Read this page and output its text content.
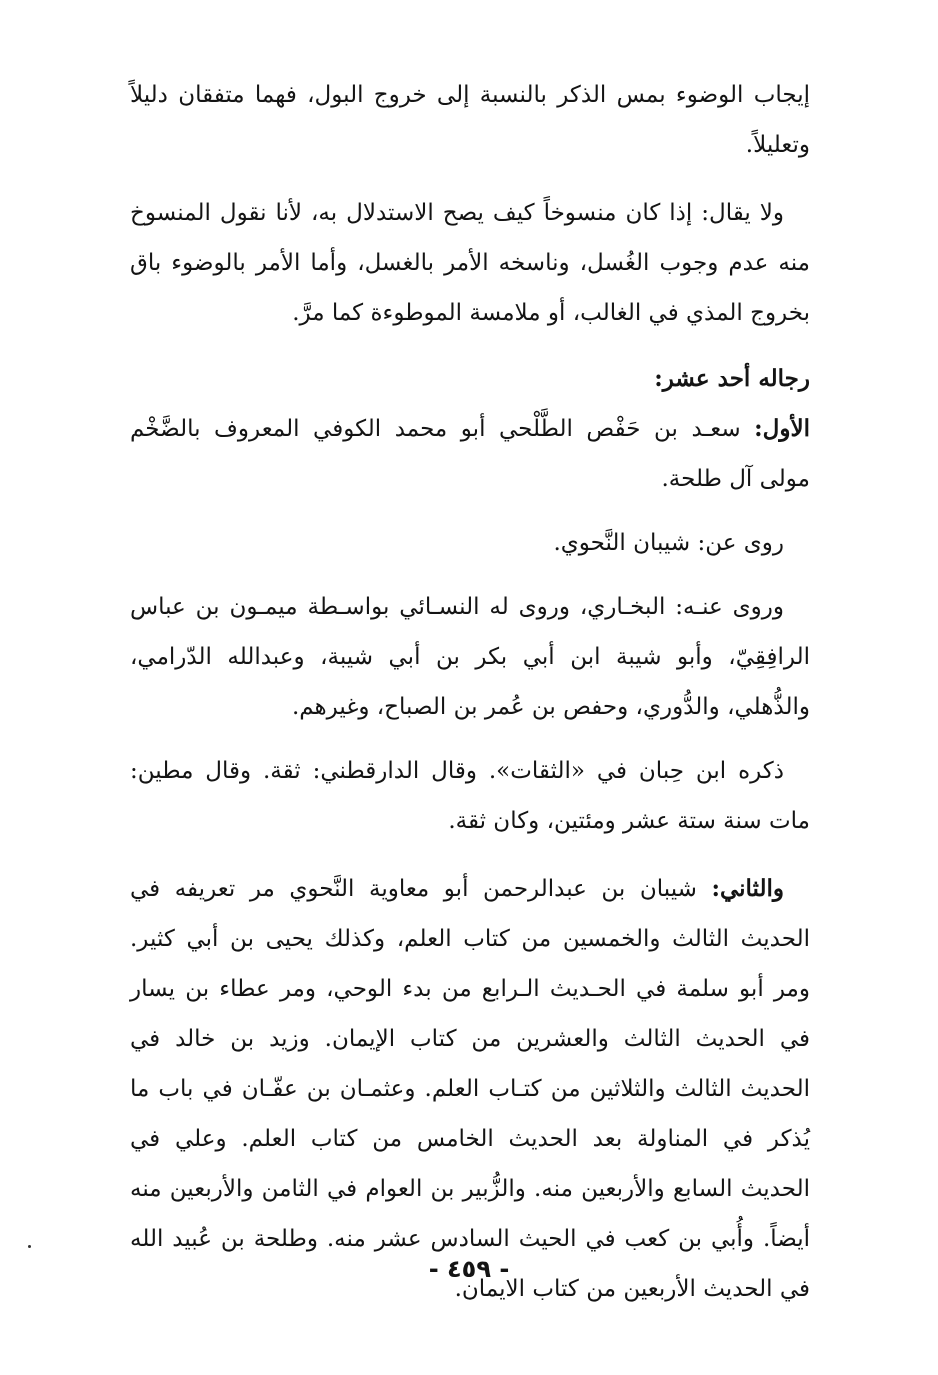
إيجاب الوضوء بمس الذكر بالنسبة إلى خروج البول، فهما متفقان دليلاً وتعليلاً.

ولا يقال: إذا كان منسوخاً كيف يصح الاستدلال به، لأنا نقول المنسوخ منه عدم وجوب الغُسل، وناسخه الأمر بالغسل، وأما الأمر بالوضوء باق بخروج المذي في الغالب، أو ملامسة الموطوءة كما مرَّ.

رجاله أحد عشر:

الأول: سعـد بن حَفْص الطَّلْحي أبو محمد الكوفي المعروف بالضَّخْم مولى آل طلحة.

روى عن: شيبان النَّحوي.

وروى عنـه: البخـاري، وروى له النسـائي بواسـطة ميمـون بن عباس الرافِقِيّ، وأبو شيبة ابن أبي بكر بن أبي شيبة، وعبدالله الدّرامي، والذُّهلي، والدُّوري، وحفص بن عُمر بن الصباح، وغيرهم.

ذكره ابن حِبان في «الثقات». وقال الدارقطني: ثقة. وقال مطين: مات سنة ستة عشر ومئتين، وكان ثقة.

والثاني: شيبان بن عبدالرحمن أبو معاوية النَّحوي مر تعريفه في الحديث الثالث والخمسين من كتاب العلم، وكذلك يحيى بن أبي كثير. ومر أبو سلمة في الحـديث الـرابع من بدء الوحي، ومر عطاء بن يسار في الحديث الثالث والعشرين من كتاب الإيمان. وزيد بن خالد في الحديث الثالث والثلاثين من كتـاب العلم. وعثمـان بن عفّـان في باب ما يُذكر في المناولة بعد الحديث الخامس من كتاب العلم. وعلي في الحديث السابع والأربعين منه. والزُّبير بن العوام في الثامن والأربعين منه أيضاً. وأُبي بن كعب في الحيث السادس عشر منه. وطلحة بن عُبيد الله في الحديث الأربعين من كتاب الايمان.

- ٤٥٩ -
